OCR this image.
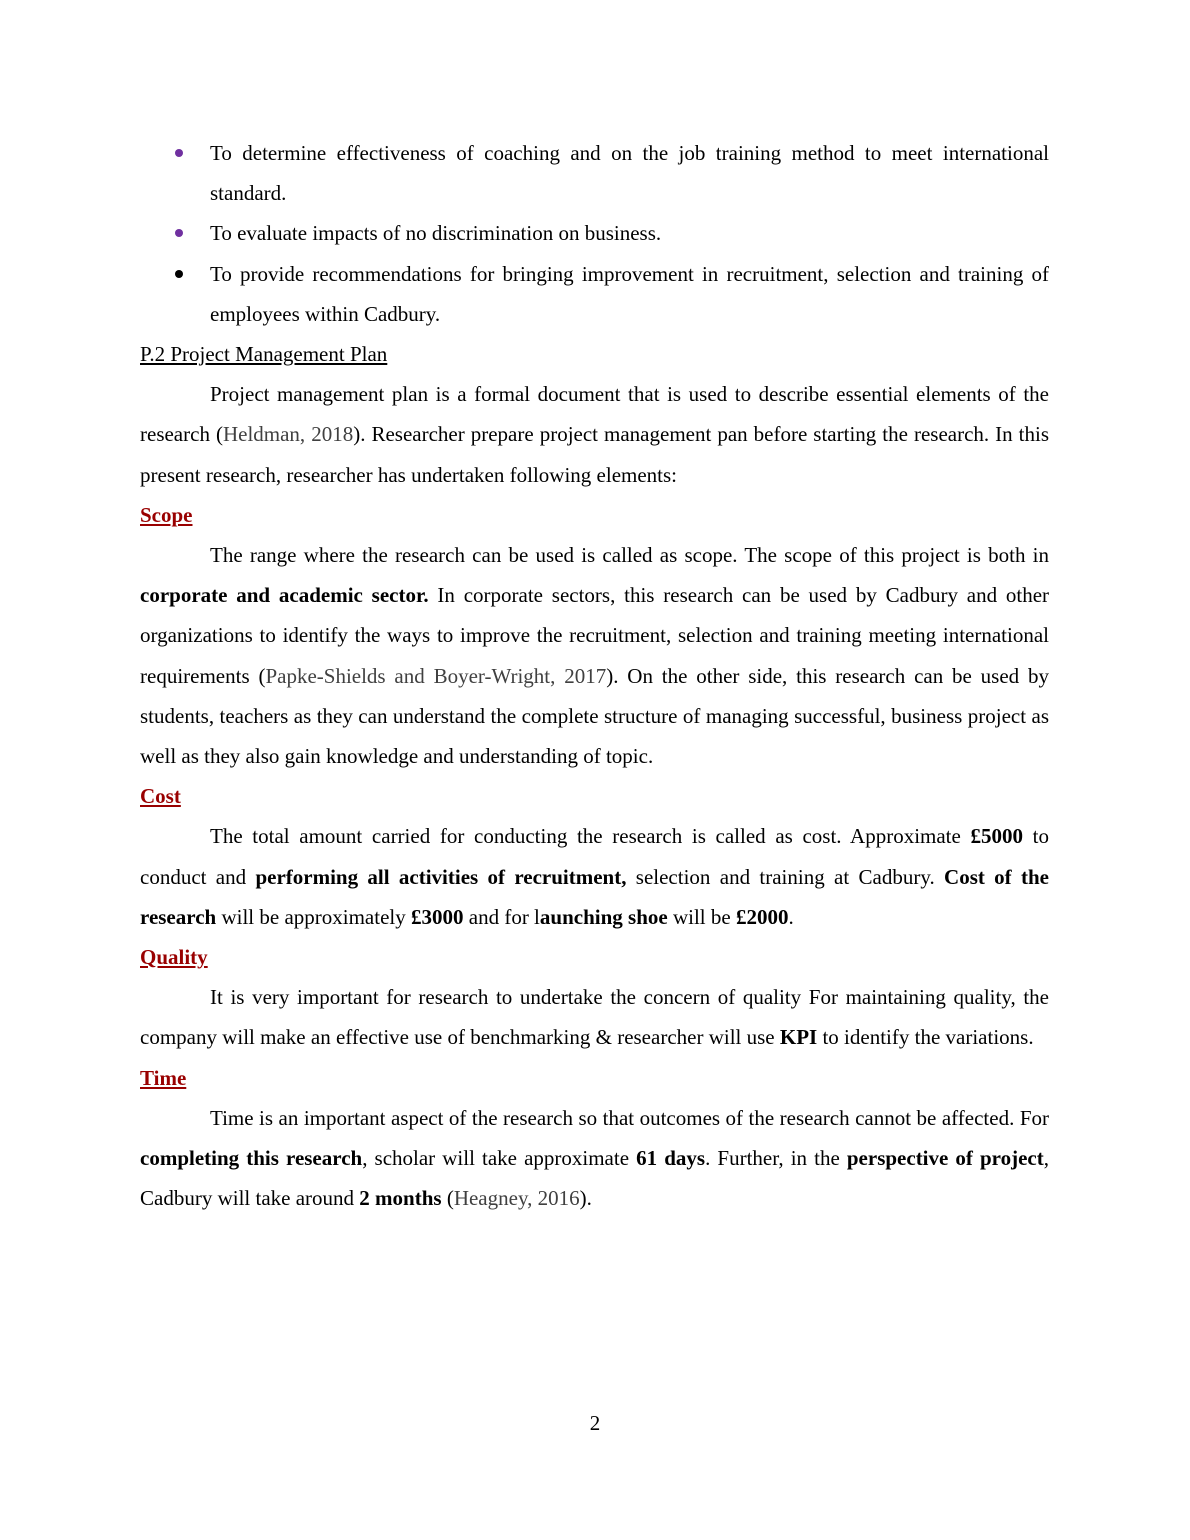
To determine effectiveness of coaching and on the job training method to meet international standard.
To evaluate impacts of no discrimination on business.
To provide recommendations for bringing improvement in recruitment, selection and training of employees within Cadbury.

P.2 Project Management Plan

Project management plan is a formal document that is used to describe essential elements of the research (Heldman, 2018). Researcher prepare project management pan before starting the research. In this present research, researcher has undertaken following elements:

Scope

The range where the research can be used is called as scope. The scope of this project is both in corporate and academic sector. In corporate sectors, this research can be used by Cadbury and other organizations to identify the ways to improve the recruitment, selection and training meeting international requirements (Papke-Shields and Boyer-Wright, 2017). On the other side, this research can be used by students, teachers as they can understand the complete structure of managing successful, business project as well as they also gain knowledge and understanding of topic.

Cost

The total amount carried for conducting the research is called as cost. Approximate £5000 to conduct and performing all activities of recruitment, selection and training at Cadbury. Cost of the research will be approximately £3000 and for launching shoe will be £2000.

Quality

It is very important for research to undertake the concern of quality For maintaining quality, the company will make an effective use of benchmarking & researcher will use KPI to identify the variations.

Time

Time is an important aspect of the research so that outcomes of the research cannot be affected. For completing this research, scholar will take approximate 61 days. Further, in the perspective of project, Cadbury will take around 2 months (Heagney, 2016).

2
